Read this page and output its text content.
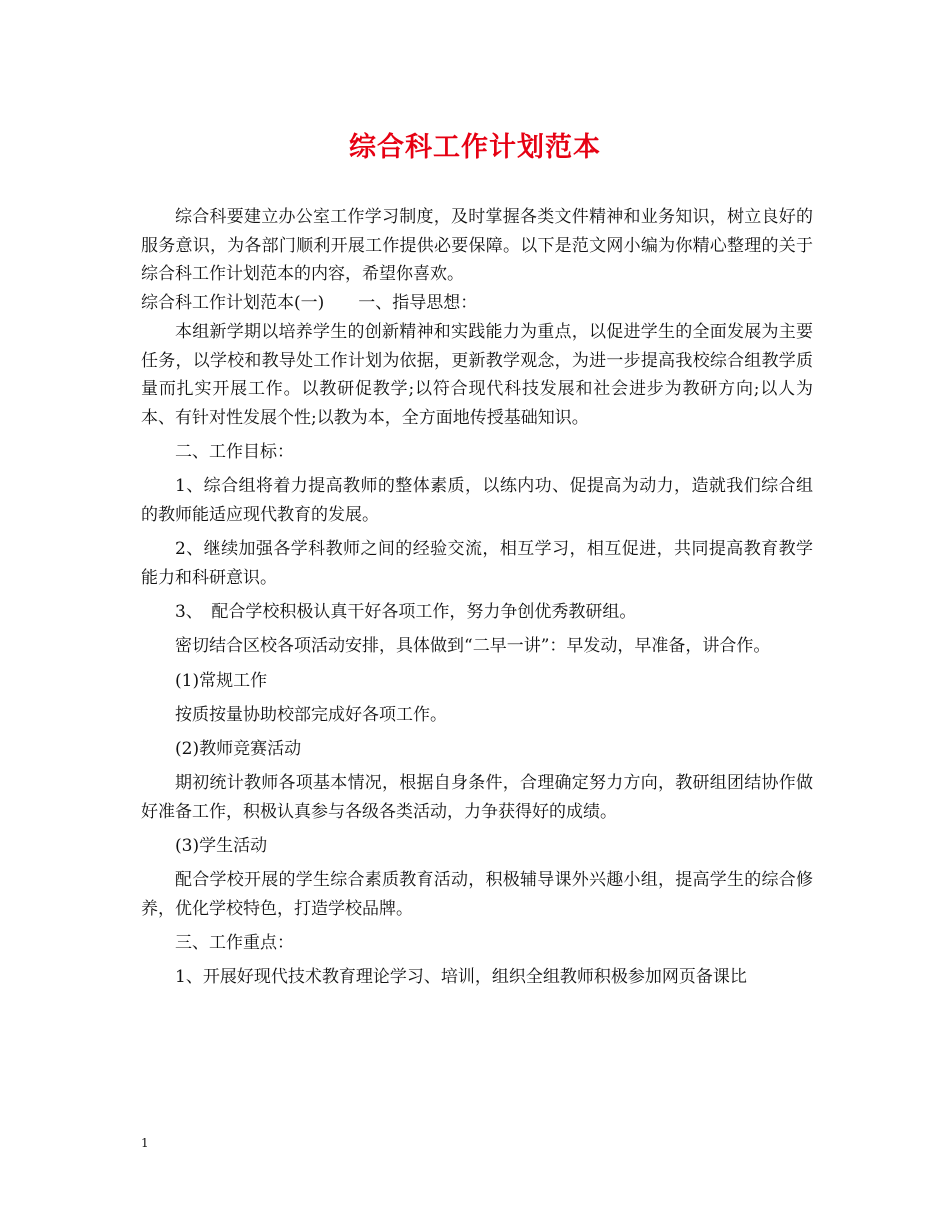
综合科工作计划范本

综合科要建立办公室工作学习制度，及时掌握各类文件精神和业务知识，树立良好的服务意识，为各部门顺利开展工作提供必要保障。以下是范文网小编为你精心整理的关于综合科工作计划范本的内容，希望你喜欢。

综合科工作计划范本(一)　　一、指导思想：

本组新学期以培养学生的创新精神和实践能力为重点，以促进学生的全面发展为主要任务，以学校和教导处工作计划为依据，更新教学观念，为进一步提高我校综合组教学质量而扎实开展工作。以教研促教学;以符合现代科技发展和社会进步为教研方向;以人为本、有针对性发展个性;以教为本，全方面地传授基础知识。

二、工作目标：

1、综合组将着力提高教师的整体素质，以练内功、促提高为动力，造就我们综合组的教师能适应现代教育的发展。

2、继续加强各学科教师之间的经验交流，相互学习，相互促进，共同提高教育教学能力和科研意识。

3、 配合学校积极认真干好各项工作，努力争创优秀教研组。

密切结合区校各项活动安排，具体做到“二早一讲”：早发动，早准备，讲合作。

(1)常规工作

按质按量协助校部完成好各项工作。

(2)教师竞赛活动

期初统计教师各项基本情况，根据自身条件，合理确定努力方向，教研组团结协作做好准备工作，积极认真参与各级各类活动，力争获得好的成绩。

(3)学生活动

配合学校开展的学生综合素质教育活动，积极辅导课外兴趣小组，提高学生的综合修养，优化学校特色，打造学校品牌。

三、工作重点：

1、开展好现代技术教育理论学习、培训，组织全组教师积极参加网页备课比

1
